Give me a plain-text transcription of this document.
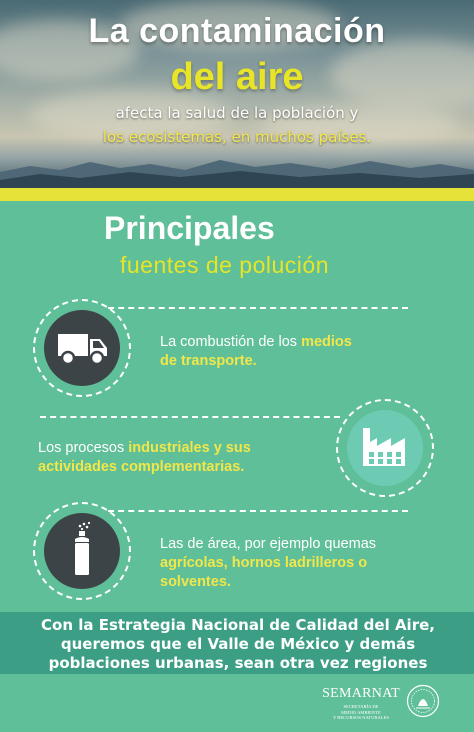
La contaminación
del aire
afecta la salud de la población y
los ecosistemas, en muchos países.
Principales
fuentes de polución
La combustión de los medios
de transporte.
Los procesos industriales y sus
actividades complementarias.
Las de área, por ejemplo quemas
agrícolas, hornos ladrilleros o
solventes.
Con la Estrategia Nacional de Calidad del Aire, queremos que el Valle de México y demás poblaciones urbanas, sean otra vez regiones
SEMARNAT
SECRETARÍA DE
MEDIO AMBIENTE
Y RECURSOS NATURALES
